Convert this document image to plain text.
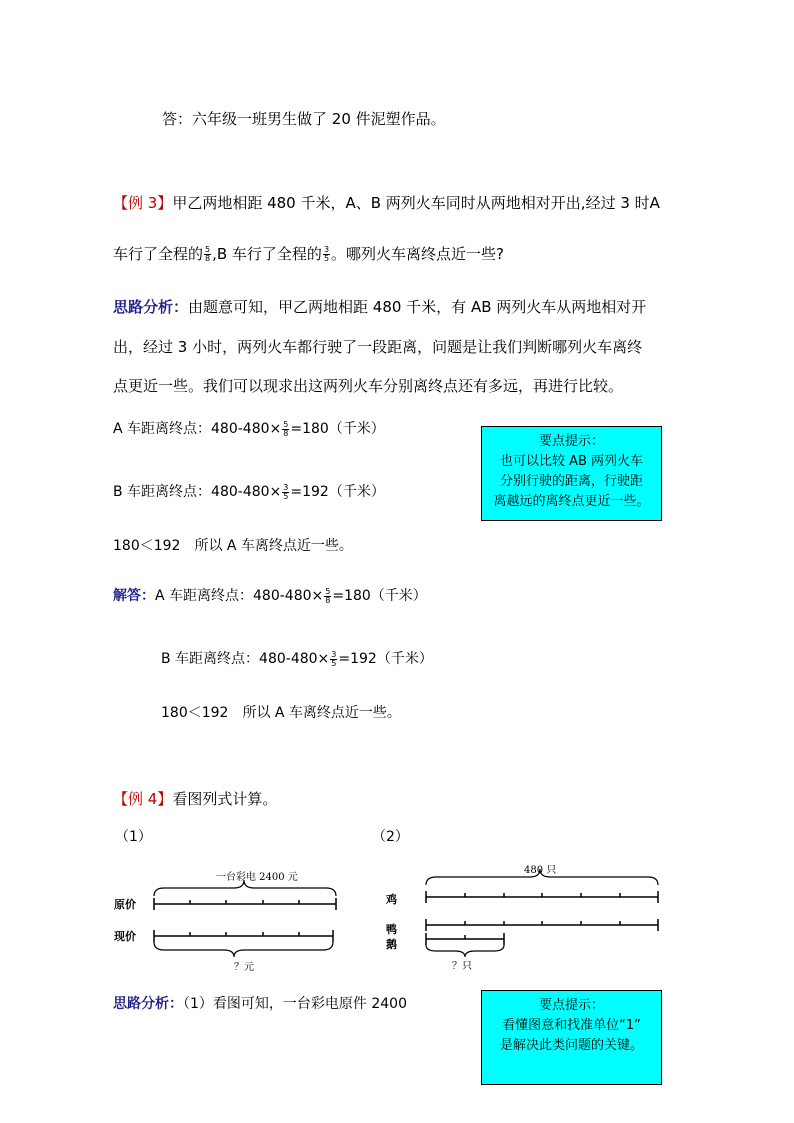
答：六年级一班男生做了 20 件泥塑作品。
【例 3】甲乙两地相距 480 千米，A、B 两列火车同时从两地相对开出,经过 3 时A
车行了全程的 $\frac{5}{8} ,B$ 车行了全程的 $\frac{3}{5}$ 。哪列火车离终点近一些?
思路分析：由题意可知，甲乙两地相距 480 千米，有 AB 两列火车从两地相对开
出，经过 3 小时，两列火车都行驶了一段距离，问题是让我们判断哪列火车离终
点更近一些。我们可以现求出这两列火车分别离终点还有多远，再进行比较。
A 车距离终点：$480-480\times \frac{5}{8} =180$（千米）
B 车距离终点：$480-480\times \frac{3}{5} =192$（千米）
180＜192　所以 A 车离终点近一些。
要点提示：
也可以比较 AB 两列火车
分别行驶的距离，行驶距
离越远的离终点更近一些。
解答：A 车距离终点：$480-480\times \frac{5}{8} =180$（千米）
B 车距离终点：$480-480\times \frac{3}{5} =192$（千米）
180＜192　所以 A 车离终点近一些。
【例 4】看图列式计算。
（1）	（2）
一台彩电 2400 元
原价
现价
？元
480 只
鸡
鸭
鹅
？只
思路分析：（1）看图可知，一台彩电原件 2400	要点提示：
看懂图意和找准单位“1”
是解决此类问题的关键。
